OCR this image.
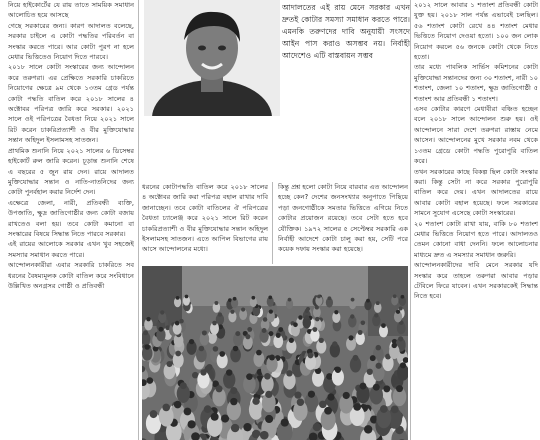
নিয়ে হাইকোর্টের যে রায় তাতে সাময়িক সমাধান আলোচিত হয়ে আসছে

গেছে সরকারের জন্য। কারণ আদালত বলেছে, সরকার চাইলে এ কোটা পদ্ধতির পরিবর্তন বা সংস্কার করতে পারে। আর কোটা পুরণ না হলে মেধার ভিত্তিতেও নিয়োগ দিতে পারবে।

২০১৮ সালে কোটা সংস্কারের জন্য আন্দোলন করে তরুণরা। এর প্রেক্ষিতে সরকারি চাকরিতে নিয়োগের ক্ষেত্রে ৯ম থেকে ১৩তম গ্রেড পর্যন্ত কোটা পদ্ধতি বাতিল করে ২০১৮ সালের ৪ অক্টোবর পরিপত্র জারি করে সরকার। ২০২১ সালে ওই পরিপত্রের বৈধতা নিয়ে ২০২১ সালে রিট করেন চাকরিপ্রত্যাশী ও বীর মুক্তিযোদ্ধার সন্তান অহিদুল ইসলামসহ সাতজন।

প্রাথমিক শুনানি নিয়ে ২০২১ সালের ৬ ডিসেম্বর হাইকোর্ট রুল জারি করেন। চূড়ান্ত শুনানি শেষে এ বছরের ৫ জুন রায় দেন। রায়ে আদালত মুক্তিযোদ্ধার সন্তান ও নাতি-নাতনিদের জন্য কোটা পুনর্বহাল করার নির্দেশ দেন।

এক্ষেত্রে জেলা, নারী, প্রতিবন্ধী ব্যক্তি, উপজাতি, ক্ষুদ্র জাতিগোষ্ঠীর জন্য কোটা বজায় রাখতেও বলা হয়। তবে কোটা কমানো বা সংস্কারের বিষয়ে সিদ্ধান্ত নিতে পারবে সরকার।

এই রায়ের আলোকে সরকার এখন খুব সহজেই সমস্যার সমাধান করতে পারে।

আন্দোলনকারীরা এবার সরকারি চাকরিতে সব ধরনের বৈষম্যমূলক কোটা বাতিল করে সংবিধানে উল্লিখিত অনগ্রসর গোষ্ঠী ও প্রতিবন্ধী

আদালতের এই রায় মেনে সরকার এখন দ্রুতই কোটার সমস্যা সমাধান করতে পারে। এমনকি তরুণদের দাবি অনুযায়ী সংসদে আইন পাস করাও অসম্ভব নয়। নির্বাহী আদেশেও এটি বাস্তবায়ন সম্ভব

ধরনের কোটাপদ্ধতি বাতিল করে ২০১৮ সালের ৪ অক্টোবর জারি করা পরিপত্র বহাল রাখার দাবি জানাচ্ছেন। তবে কোটা বাতিলের ঐ পরিপত্রের বৈধতা চ্যালেঞ্জ করে ২০২১ সালে রিট করেন চাকরিপ্রত্যাশী ও বীর মুক্তিযোদ্ধার সন্তান অহিদুল ইসলামসহ সাতজন। এতে আপিল বিভাগের রায় আসে আন্দোলনের মধ্যে।

কিন্তু প্রশ্ন হলো কোটা নিয়ে বারবার এত আন্দোলন হচ্ছে কেন? দেশের জনসংখ্যার অনুপাতে পিছিয়ে পড়া জনগোষ্ঠীকে সমতার ভিত্তিতে এগিয়ে নিতে কোটার প্রয়োজন রয়েছে। তবে সেটা হতে হবে যৌক্তিক। ১৯৭২ সালের ৫ সেপ্টেম্বর সরকারি এক নির্বাহী আদেশে কোটা চালু করা হয়, সেটি পরে কয়েক দফায় সংস্কার করা হয়েছে।

২০১২ সালে আবার ১ শতাংশ প্রতিবন্ধী কোটা যুক্ত হয়। ২০১৮ সাল পর্যন্ত এভাবেই চলছিল। ৫৬ শতাংশ কোটা রেখে ৪৪ শতাংশ মেধার ভিত্তিতে নিয়োগ দেওয়া হতো। ১০০ জন লোক নিয়োগ করলে ৫৬ জনকে কোটা থেকে নিতে হতো।

তার মধ্যে পাবলিক সার্ভিস কমিশনের কোটা মুক্তিযোদ্ধা সন্তানদের জন্য ৩০ শতাংশ, নারী ১০ শতাংশ, জেলা ১০ শতাংশ, ক্ষুদ্র জাতিগোষ্ঠী ৫ শতাংশ আর প্রতিবন্ধী ১ শতাংশ।

এসব কোটার কারণে মেধাবীরা বঞ্চিত হচ্ছেন বলে ২০১৮ সালে আন্দোলন শুরু হয়। ওই আন্দোলনে সারা দেশে তরুণরা রাস্তায় নেমে আসেন। আন্দোলনের মুখে সরকার নবম থেকে ১৩তম গ্রেডে কোটা পদ্ধতি পুরোপুরি বাতিল করে।

তখন সরকারের কাছে বিকল্প ছিল কোটা সংস্কার করা। কিন্তু সেটা না করে সরকার পুরোপুরি বাতিল করে দেয়। এখন আদালতের রায়ে আবার কোটা বহাল হয়েছে। ফলে সরকারের সামনে সুযোগ এসেছে কোটা সংস্কারের।

২০ শতাংশ কোটা রাখা যায়, বাকি ৮০ শতাংশ মেধার ভিত্তিতে নিয়োগ হতে পারে। আদালতও তেমন কোনো বাধা দেননি। ফলে আলোচনার মাধ্যমে দ্রুত এ সমস্যার সমাধান জরুরি।

আন্দোলনকারীদের দাবি মেনে সরকার যদি সংস্কার করে তাহলে তরুণরা আবার পড়ার টেবিলে ফিরে যাবেন। এখন সরকারকেই সিদ্ধান্ত নিতে হবে।
